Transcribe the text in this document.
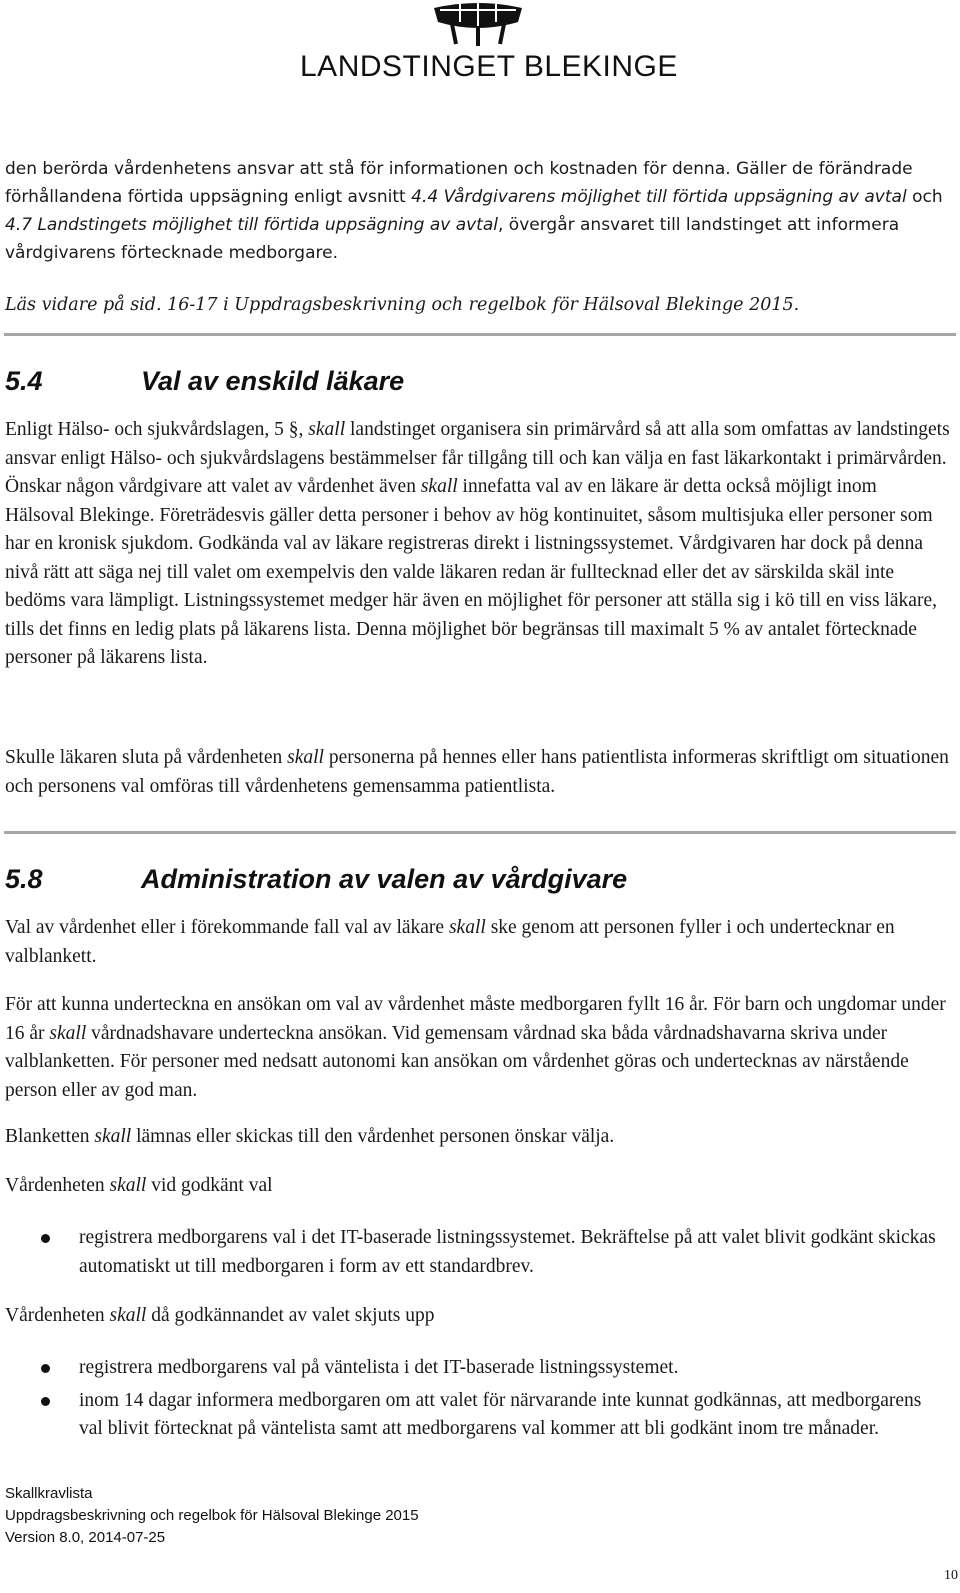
LANDSTINGET BLEKINGE
den berörda vårdenhetens ansvar att stå för informationen och kostnaden för denna. Gäller de förändrade förhållandena förtida uppsägning enligt avsnitt 4.4 Vårdgivarens möjlighet till förtida uppsägning av avtal och 4.7 Landstingets möjlighet till förtida uppsägning av avtal, övergår ansvaret till landstinget att informera vårdgivarens förtecknade medborgare.
Läs vidare på sid. 16-17 i Uppdragsbeskrivning och regelbok för Hälsoval Blekinge 2015.
5.4	Val av enskild läkare
Enligt Hälso- och sjukvårdslagen, 5 §, skall landstinget organisera sin primärvård så att alla som omfattas av landstingets ansvar enligt Hälso- och sjukvårdslagens bestämmelser får tillgång till och kan välja en fast läkarkontakt i primärvården. Önskar någon vårdgivare att valet av vårdenhet även skall innefatta val av en läkare är detta också möjligt inom Hälsoval Blekinge. Företrädesvis gäller detta personer i behov av hög kontinuitet, såsom multisjuka eller personer som har en kronisk sjukdom. Godkända val av läkare registreras direkt i listningssystemet. Vårdgivaren har dock på denna nivå rätt att säga nej till valet om exempelvis den valde läkaren redan är fulltecknad eller det av särskilda skäl inte bedöms vara lämpligt. Listningssystemet medger här även en möjlighet för personer att ställa sig i kö till en viss läkare, tills det finns en ledig plats på läkarens lista. Denna möjlighet bör begränsas till maximalt 5 % av antalet förtecknade personer på läkarens lista.
Skulle läkaren sluta på vårdenheten skall personerna på hennes eller hans patientlista informeras skriftligt om situationen och personens val omföras till vårdenhetens gemensamma patientlista.
5.8	Administration av valen av vårdgivare
Val av vårdenhet eller i förekommande fall val av läkare skall ske genom att personen fyller i och undertecknar en valblankett.
För att kunna underteckna en ansökan om val av vårdenhet måste medborgaren fyllt 16 år. För barn och ungdomar under 16 år skall vårdnadshavare underteckna ansökan. Vid gemensam vårdnad ska båda vårdnadshavarna skriva under valblanketten. För personer med nedsatt autonomi kan ansökan om vårdenhet göras och undertecknas av närstående person eller av god man.
Blanketten skall lämnas eller skickas till den vårdenhet personen önskar välja.
Vårdenheten skall vid godkänt val
registrera medborgarens val i det IT-baserade listningssystemet. Bekräftelse på att valet blivit godkänt skickas automatiskt ut till medborgaren i form av ett standardbrev.
Vårdenheten skall då godkännandet av valet skjuts upp
registrera medborgarens val på väntelista i det IT-baserade listningssystemet.
inom 14 dagar informera medborgaren om att valet för närvarande inte kunnat godkännas, att medborgarens val blivit förtecknat på väntelista samt att medborgarens val kommer att bli godkänt inom tre månader.
Skallkravlista
Uppdragsbeskrivning och regelbok för Hälsoval Blekinge 2015
Version 8.0, 2014-07-25
10
